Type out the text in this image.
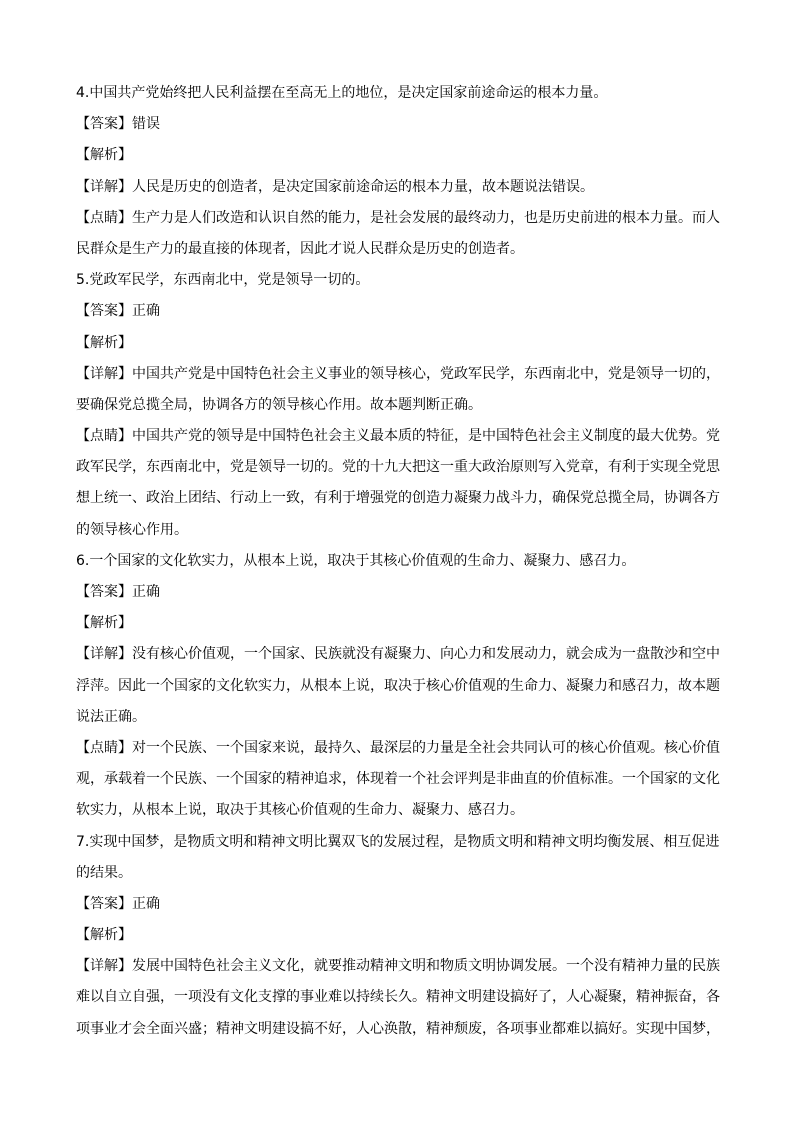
4.中国共产党始终把人民利益摆在至高无上的地位，是决定国家前途命运的根本力量。
【答案】错误
【解析】
【详解】人民是历史的创造者，是决定国家前途命运的根本力量，故本题说法错误。
【点睛】生产力是人们改造和认识自然的能力，是社会发展的最终动力，也是历史前进的根本力量。而人
民群众是生产力的最直接的体现者，因此才说人民群众是历史的创造者。
5.党政军民学，东西南北中，党是领导一切的。
【答案】正确
【解析】
【详解】中国共产党是中国特色社会主义事业的领导核心，党政军民学，东西南北中，党是领导一切的，
要确保党总揽全局，协调各方的领导核心作用。故本题判断正确。
【点睛】中国共产党的领导是中国特色社会主义最本质的特征，是中国特色社会主义制度的最大优势。党
政军民学，东西南北中，党是领导一切的。党的十九大把这一重大政治原则写入党章，有利于实现全党思
想上统一、政治上团结、行动上一致，有利于增强党的创造力凝聚力战斗力，确保党总揽全局，协调各方
的领导核心作用。
6.一个国家的文化软实力，从根本上说，取决于其核心价值观的生命力、凝聚力、感召力。
【答案】正确
【解析】
【详解】没有核心价值观，一个国家、民族就没有凝聚力、向心力和发展动力，就会成为一盘散沙和空中
浮萍。因此一个国家的文化软实力，从根本上说，取决于核心价值观的生命力、凝聚力和感召力，故本题
说法正确。
【点睛】对一个民族、一个国家来说，最持久、最深层的力量是全社会共同认可的核心价值观。核心价值
观，承载着一个民族、一个国家的精神追求，体现着一个社会评判是非曲直的价值标准。一个国家的文化
软实力，从根本上说，取决于其核心价值观的生命力、凝聚力、感召力。
7.实现中国梦，是物质文明和精神文明比翼双飞的发展过程，是物质文明和精神文明均衡发展、相互促进
的结果。
【答案】正确
【解析】
【详解】发展中国特色社会主义文化，就要推动精神文明和物质文明协调发展。一个没有精神力量的民族
难以自立自强，一项没有文化支撑的事业难以持续长久。精神文明建设搞好了，人心凝聚，精神振奋，各
项事业才会全面兴盛；精神文明建设搞不好，人心涣散，精神颓废，各项事业都难以搞好。实现中国梦，
